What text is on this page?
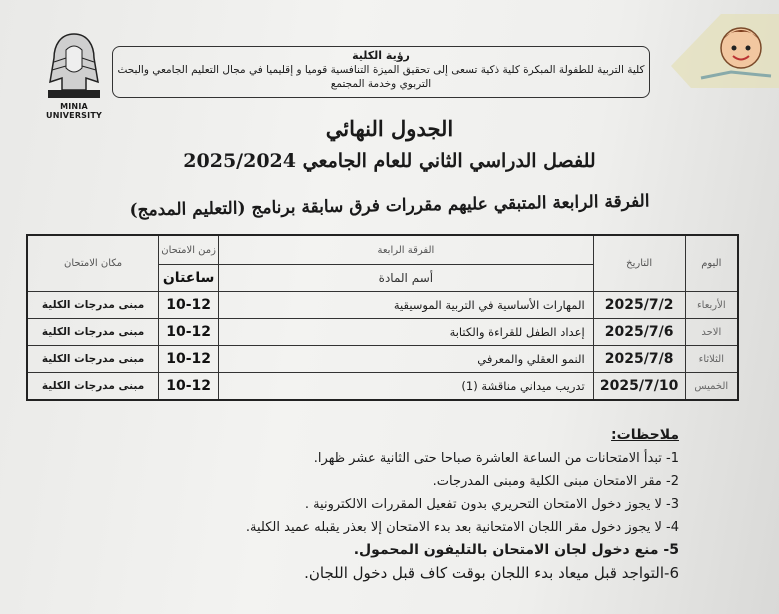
MINIA UNIVERSITY
رؤية الكلية
كلية التربية للطفولة المبكرة كلية ذكية تسعى إلى تحقيق الميزة التنافسية قوميا و إقليميا في مجال التعليم الجامعي والبحث التربوي وخدمة المجتمع
الجدول النهائي
للفصل الدراسي الثاني للعام الجامعي 2025/2024
الفرقة الرابعة المتبقي عليهم مقررات فرق سابقة برنامج (التعليم المدمج)
اليوم	التاريخ	الفرقة الرابعة	زمن الامتحان	مكان الامتحان
		أسم المادة	ساعتان	
الأربعاء	2025/7/2	المهارات الأساسية في التربية الموسيقية	10-12	مبنى مدرجات الكلية
الاحد	2025/7/6	إعداد الطفل للقراءة والكتابة	10-12	مبنى مدرجات الكلية
الثلاثاء	2025/7/8	النمو العقلي والمعرفي	10-12	مبنى مدرجات الكلية
الخميس	2025/7/10	تدريب ميداني مناقشة (1)	10-12	مبنى مدرجات الكلية
ملاحظات:
1- تبدأ الامتحانات من الساعة العاشرة صباحا حتى الثانية عشر ظهرا.
2- مقر الامتحان مبنى الكلية ومبنى المدرجات.
3- لا يجوز دخول الامتحان التحريري بدون تفعيل المقررات الالكترونية .
4- لا يجوز دخول مقر اللجان الامتحانية بعد بدء الامتحان إلا بعذر يقبله عميد الكلية.
5- منع دخول لجان الامتحان بالتليفون المحمول.
6-التواجد قبل ميعاد بدء اللجان بوقت كاف قبل دخول اللجان.
